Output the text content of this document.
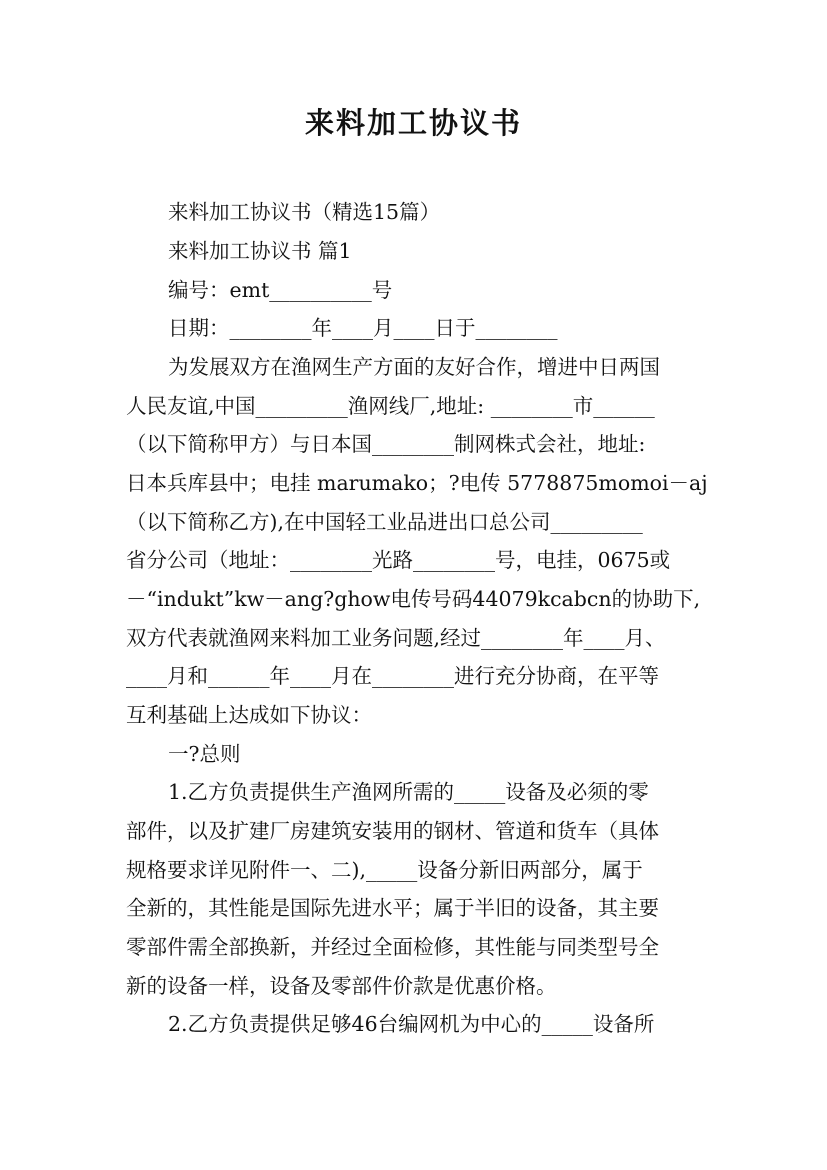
来料加工协议书
来料加工协议书（精选15篇）
来料加工协议书 篇1
编号：emt__________号
日期：________年____月____日于________
为发展双方在渔网生产方面的友好合作，增进中日两国
人民友谊,中国_________渔网线厂,地址: ________市______
（以下简称甲方）与日本国________制网株式会社，地址:
日本兵库县中；电挂 marumako；?电传 5778875momoi－aj
（以下简称乙方),在中国轻工业品进出口总公司_________
省分公司（地址：________光路________号，电挂，0675或
－“indukt”kw－ang?ghow电传号码44079kcabcn的协助下,
双方代表就渔网来料加工业务问题,经过________年____月、
____月和______年____月在________进行充分协商，在平等
互利基础上达成如下协议：
一?总则
1.乙方负责提供生产渔网所需的_____设备及必须的零
部件，以及扩建厂房建筑安装用的钢材、管道和货车（具体
规格要求详见附件一、二),_____设备分新旧两部分，属于
全新的，其性能是国际先进水平；属于半旧的设备，其主要
零部件需全部换新，并经过全面检修，其性能与同类型号全
新的设备一样，设备及零部件价款是优惠价格。
2.乙方负责提供足够46台编网机为中心的_____设备所
